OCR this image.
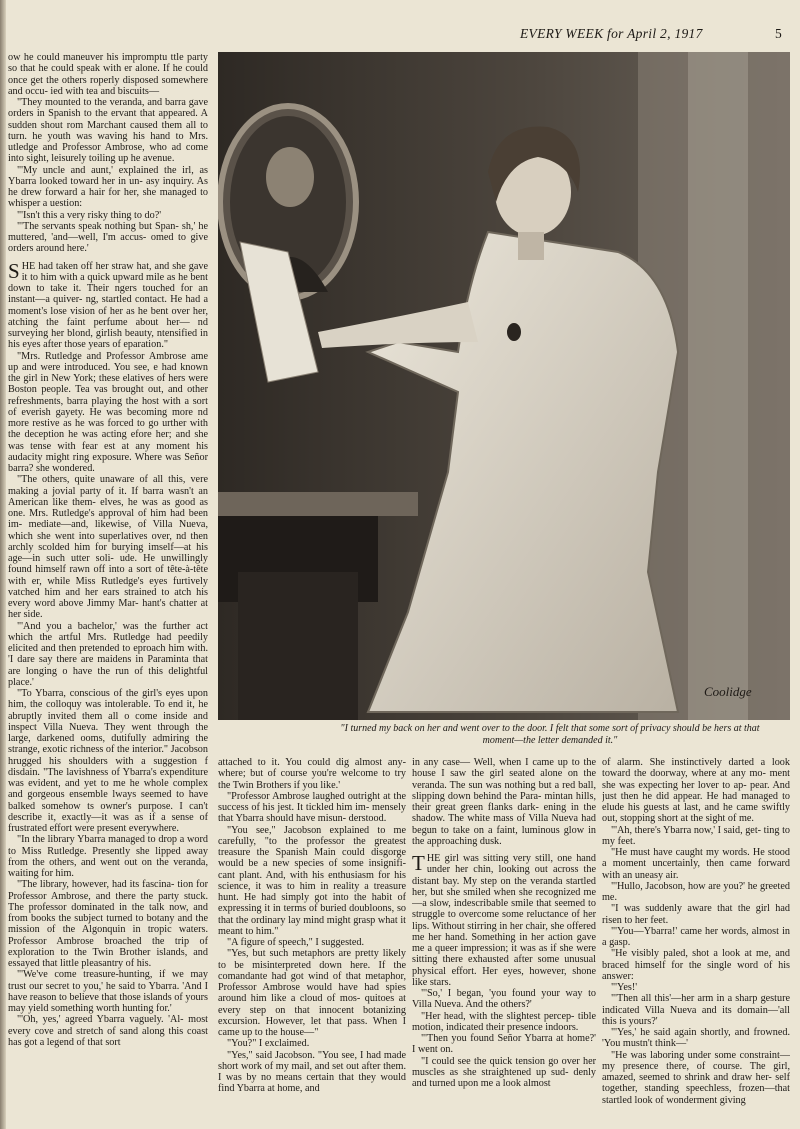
EVERY WEEK for April 2, 1917	5

ow he could maneuver his impromptu ttle party so that he could speak with er alone. If he could once get the others roperly disposed somewhere and occu- ied with tea and biscuits—

"They mounted to the veranda, and barra gave orders in Spanish to the ervant that appeared. A sudden shout rom Marchant caused them all to turn. he youth was waving his hand to Mrs. utledge and Professor Ambrose, who ad come into sight, leisurely toiling up he avenue.

"'My uncle and aunt,' explained the irl, as Ybarra looked toward her in un- asy inquiry. As he drew forward a hair for her, she managed to whisper a uestion:

"'Isn't this a very risky thing to do?'

"'The servants speak nothing but Span- sh,' he muttered, 'and—well, I'm accus- omed to give orders around here.'

SHE had taken off her straw hat, and she gave it to him with a quick upward mile as he bent down to take it. Their ngers touched for an instant—a quiver- ng, startled contact. He had a moment's lose vision of her as he bent over her, atching the faint perfume about her— nd surveying her blond, girlish beauty, ntensified in his eyes after those years of eparation."

"Mrs. Rutledge and Professor Ambrose ame up and were introduced. You see, e had known the girl in New York; these elatives of hers were Boston people. Tea vas brought out, and other refreshments, barra playing the host with a sort of everish gayety. He was becoming more nd more restive as he was forced to go urther with the deception he was acting efore her; and she was tense with fear est at any moment his audacity might ring exposure. Where was Señor barra? she wondered.

"The others, quite unaware of all this, vere making a jovial party of it. If barra wasn't an American like them- elves, he was as good as one. Mrs. Rutledge's approval of him had been im- mediate—and, likewise, of Villa Nueva, which she went into superlatives over, nd then archly scolded him for burying imself—at his age—in such utter soli- ude. He unwillingly found himself rawn off into a sort of tête-à-tête with er, while Miss Rutledge's eyes furtively vatched him and her ears strained to atch his every word above Jimmy Mar- hant's chatter at her side.

"'And you a bachelor,' was the further act which the artful Mrs. Rutledge had peedily elicited and then pretended to eproach him with. 'I dare say there are maidens in Paraminta that are longing o have the run of this delightful place.'

"To Ybarra, conscious of the girl's eyes upon him, the colloquy was intolerable. To end it, he abruptly invited them all o come inside and inspect Villa Nueva. They went through the large, darkened ooms, dutifully admiring the strange, exotic richness of the interior." Jacobson hrugged his shoulders with a suggestion f disdain. "The lavishness of Ybarra's expenditure was evident, and yet to me he whole complex and gorgeous ensemble lways seemed to have balked somehow ts owner's purpose. I can't describe it, exactly—it was as if a sense of frustrated effort were present everywhere.

"In the library Ybarra managed to drop a word to Miss Rutledge. Presently she lipped away from the others, and went out on the veranda, waiting for him.

"The library, however, had its fascina- tion for Professor Ambrose, and there the party stuck. The professor dominated in the talk now, and from books the subject turned to botany and the mission of the Algonquin in tropic waters. Professor Ambrose broached the trip of exploration to the Twin Brother islands, and essayed that little pleasantry of his.

"'We've come treasure-hunting, if we may trust our secret to you,' he said to Ybarra. 'And I have reason to believe that those islands of yours may yield something worth hunting for.'

"'Oh, yes,' agreed Ybarra vaguely. 'Al- most every cove and stretch of sand along this coast has got a legend of that sort

Coolidge
"I turned my back on her and went over to the door. I felt that some sort of privacy should be hers at that moment—the letter demanded it."

attached to it. You could dig almost any- where; but of course you're welcome to try the Twin Brothers if you like.'

"Professor Ambrose laughed outright at the success of his jest. It tickled him im- mensely that Ybarra should have misun- derstood.

"You see," Jacobson explained to me carefully, "to the professor the greatest treasure the Spanish Main could disgorge would be a new species of some insignifi- cant plant. And, with his enthusiasm for his science, it was to him in reality a treasure hunt. He had simply got into the habit of expressing it in terms of buried doubloons, so that the ordinary lay mind might grasp what it meant to him."

"A figure of speech," I suggested.

"Yes, but such metaphors are pretty likely to be misinterpreted down here. If the comandante had got wind of that metaphor, Professor Ambrose would have had spies around him like a cloud of mos- quitoes at every step on that innocent botanizing excursion. However, let that pass. When I came up to the house—"

"You?" I exclaimed.

"Yes," said Jacobson. "You see, I had made short work of my mail, and set out after them. I was by no means certain that they would find Ybarra at home, and

in any case— Well, when I came up to the house I saw the girl seated alone on the veranda. The sun was nothing but a red ball, slipping down behind the Para- mintan hills, their great green flanks dark- ening in the shadow. The white mass of Villa Nueva had begun to take on a faint, luminous glow in the approaching dusk.

THE girl was sitting very still, one hand under her chin, looking out across the distant bay. My step on the veranda startled her, but she smiled when she recognized me—a slow, indescribable smile that seemed to struggle to overcome some reluctance of her lips. Without stirring in her chair, she offered me her hand. Something in her action gave me a queer impression; it was as if she were sitting there exhausted after some unusual physical effort. Her eyes, however, shone like stars.

"'So,' I began, 'you found your way to Villa Nueva. And the others?'

"Her head, with the slightest percep- tible motion, indicated their presence indoors.

"'Then you found Señor Ybarra at home?' I went on.

"I could see the quick tension go over her muscles as she straightened up sud- denly and turned upon me a look almost

of alarm. She instinctively darted a look toward the doorway, where at any mo- ment she was expecting her lover to ap- pear. And just then he did appear. He had managed to elude his guests at last, and he came swiftly out, stopping short at the sight of me.

"'Ah, there's Ybarra now,' I said, get- ting to my feet.

"He must have caught my words. He stood a moment uncertainly, then came forward with an uneasy air.

"'Hullo, Jacobson, how are you?' he greeted me.

"I was suddenly aware that the girl had risen to her feet.

"'You—Ybarra!' came her words, almost in a gasp.

"He visibly paled, shot a look at me, and braced himself for the single word of his answer:

"'Yes!'

"'Then all this'—her arm in a sharp gesture indicated Villa Nueva and its domain—'all this is yours?'

"'Yes,' he said again shortly, and frowned. 'You mustn't think—'

"He was laboring under some constraint—my presence there, of course. The girl, amazed, seemed to shrink and draw her- self together, standing speechless, frozen—that startled look of wonderment giving
